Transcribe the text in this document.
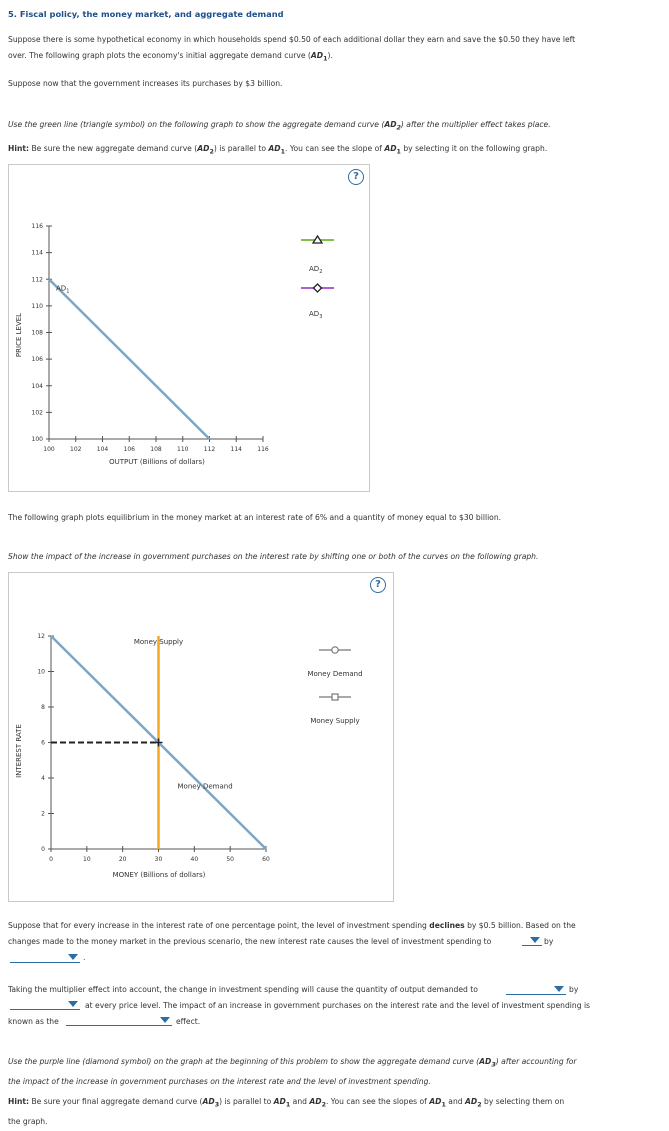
5. Fiscal policy, the money market, and aggregate demand
Suppose there is some hypothetical economy in which households spend $0.50 of each additional dollar they earn and save the $0.50 they have left
over. The following graph plots the economy's initial aggregate demand curve $(AD_1)$.
Suppose now that the government increases its purchases by $3 billion.
Use the green line (triangle symbol) on the following graph to show the aggregate demand curve $(AD_2)$ after the multiplier effect takes place.
Hint: Be sure the new aggregate demand curve $(AD_2)$ is parallel to $AD_1$. You can see the slope of $AD_1$ by selecting it on the following graph.
?
100	102	104	106	108	110	112	114	116
100
102
104
106
108
110
112
114
116
PRICE LEVEL
OUTPUT (Billions of dollars)
$AD_1$
$AD_2$
$AD_3$
The following graph plots equilibrium in the money market at an interest rate of 6% and a quantity of money equal to $30 billion.
Show the impact of the increase in government purchases on the interest rate by shifting one or both of the curves on the following graph.
?
0	10	20	30	40	50	60
0
2
4
6
8
10
12
INTEREST RATE
MONEY (Billions of dollars)
Money Supply
Money Demand
Money Demand
Money Supply
Suppose that for every increase in the interest rate of one percentage point, the level of investment spending declines by $0.5 billion. Based on the
changes made to the money market in the previous scenario, the new interest rate causes the level of investment spending to	by
.
Taking the multiplier effect into account, the change in investment spending will cause the quantity of output demanded to	by
at every price level. The impact of an increase in government purchases on the interest rate and the level of investment spending is
known as the	effect.
Use the purple line (diamond symbol) on the graph at the beginning of this problem to show the aggregate demand curve $(AD_3)$ after accounting for
the impact of the increase in government purchases on the interest rate and the level of investment spending.
Hint: Be sure your final aggregate demand curve $(AD_3)$ is parallel to $AD_1$ and $AD_2$. You can see the slopes of $AD_1$ and $AD_2$ by selecting them on
the graph.
